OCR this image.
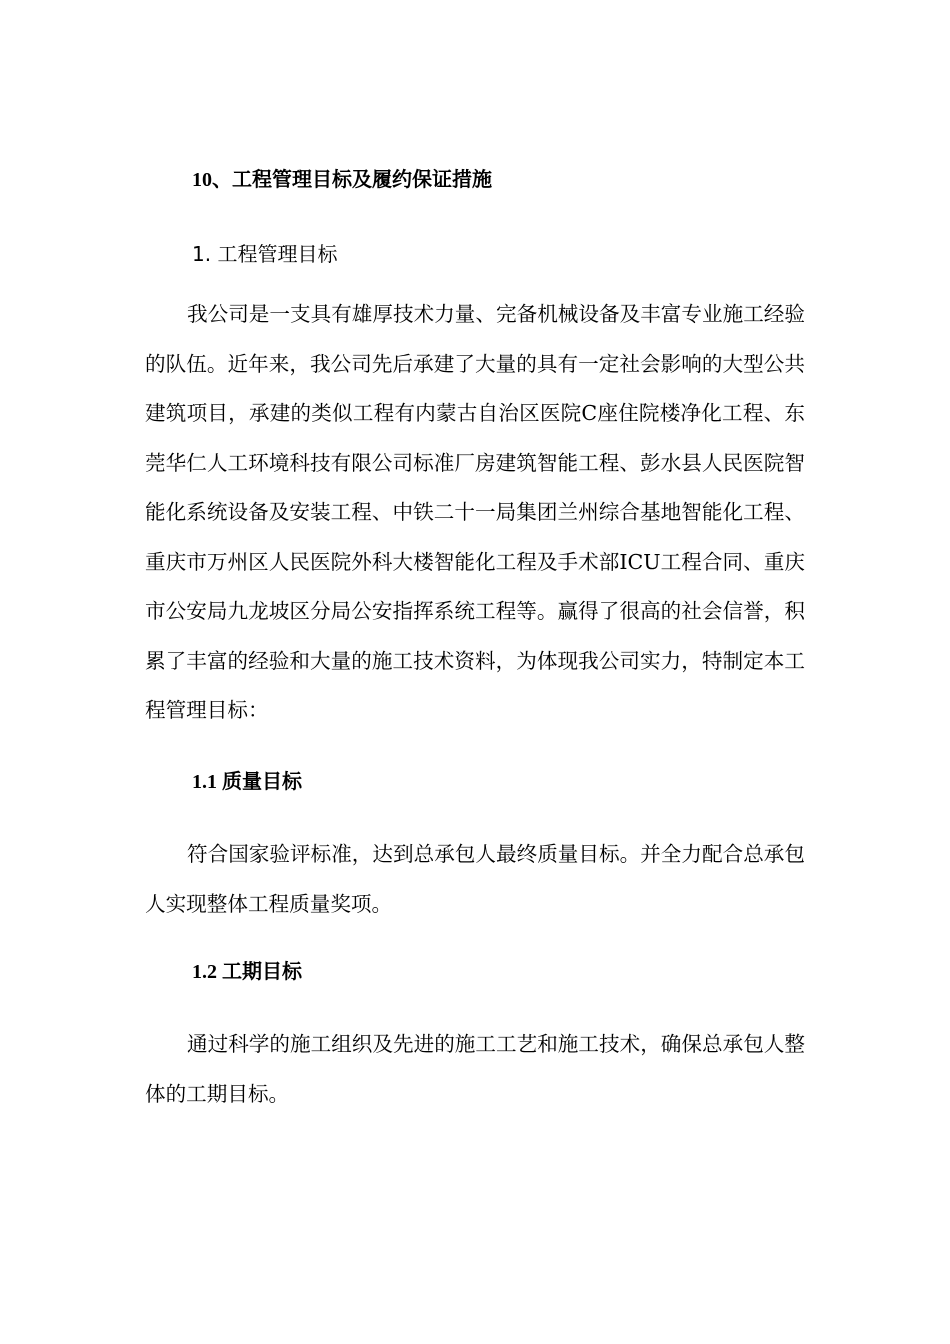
10、工程管理目标及履约保证措施
1. 工程管理目标

我公司是一支具有雄厚技术力量、完备机械设备及丰富专业施工经验的队伍。近年来，我公司先后承建了大量的具有一定社会影响的大型公共建筑项目，承建的类似工程有内蒙古自治区医院C座住院楼净化工程、东莞华仁人工环境科技有限公司标准厂房建筑智能工程、彭水县人民医院智能化系统设备及安装工程、中铁二十一局集团兰州综合基地智能化工程、重庆市万州区人民医院外科大楼智能化工程及手术部ICU工程合同、重庆市公安局九龙坡区分局公安指挥系统工程等。赢得了很高的社会信誉，积累了丰富的经验和大量的施工技术资料，为体现我公司实力，特制定本工程管理目标：

1.1 质量目标

符合国家验评标准，达到总承包人最终质量目标。并全力配合总承包人实现整体工程质量奖项。

1.2 工期目标

通过科学的施工组织及先进的施工工艺和施工技术，确保总承包人整体的工期目标。
